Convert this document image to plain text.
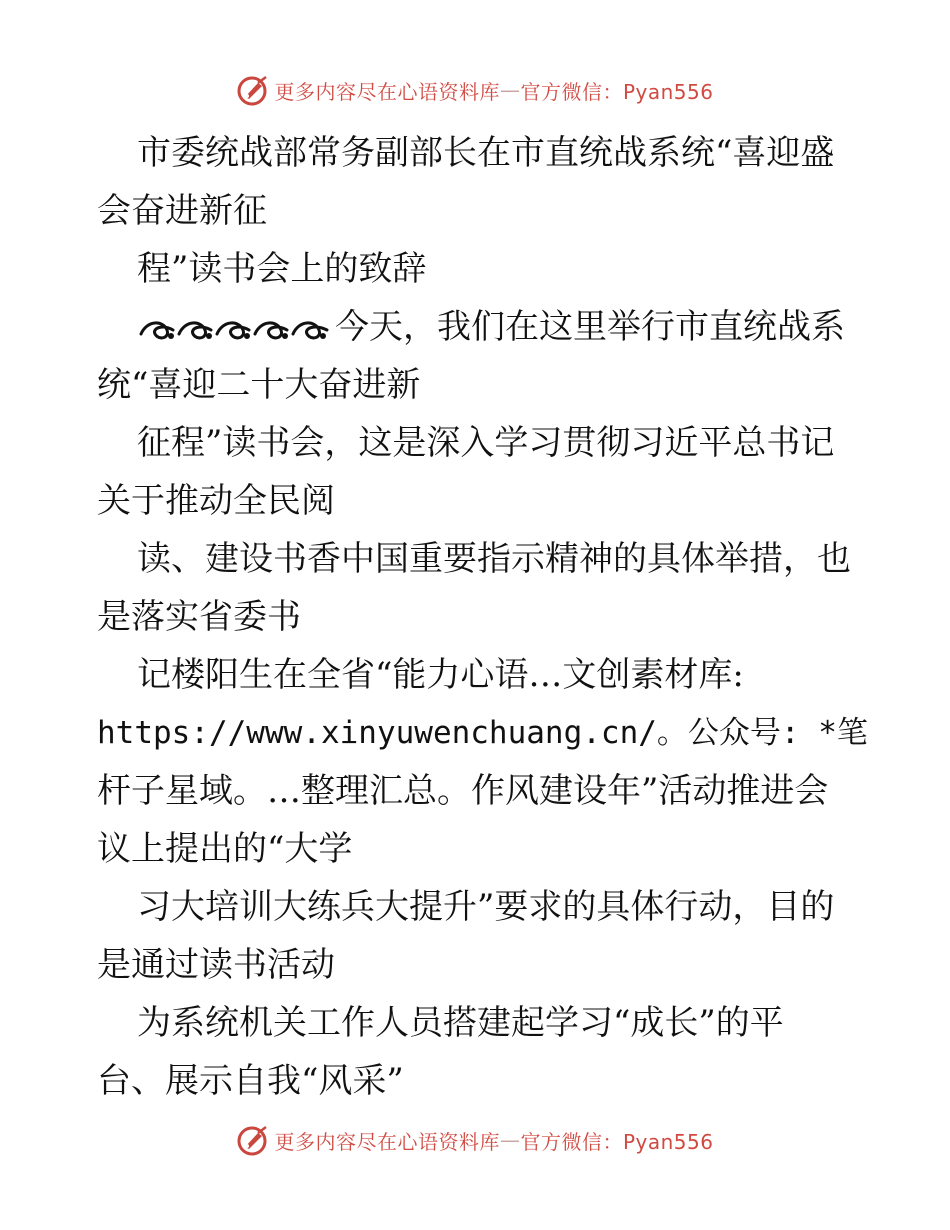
更多内容尽在心语资料库 — 官方微信：Pyan556
市委统战部常务副部长在市直统战系统“喜迎盛
会奋进新征
程”读书会上的致辞
今天，我们在这里举行市直统战系
统“喜迎二十大奋进新
征程”读书会，这是深入学习贯彻习近平总书记
关于推动全民阅
读、建设书香中国重要指示精神的具体举措，也
是落实省委书
记楼阳生在全省“能力心语…文创素材库:
https://www.xinyuwenchuang.cn/。公众号: *笔
杆子星域。…整理汇总。作风建设年”活动推进会
议上提出的“大学
习大培训大练兵大提升”要求的具体行动，目的
是通过读书活动
为系统机关工作人员搭建起学习“成长”的平
台、展示自我“风采”
更多内容尽在心语资料库 — 官方微信：Pyan556
